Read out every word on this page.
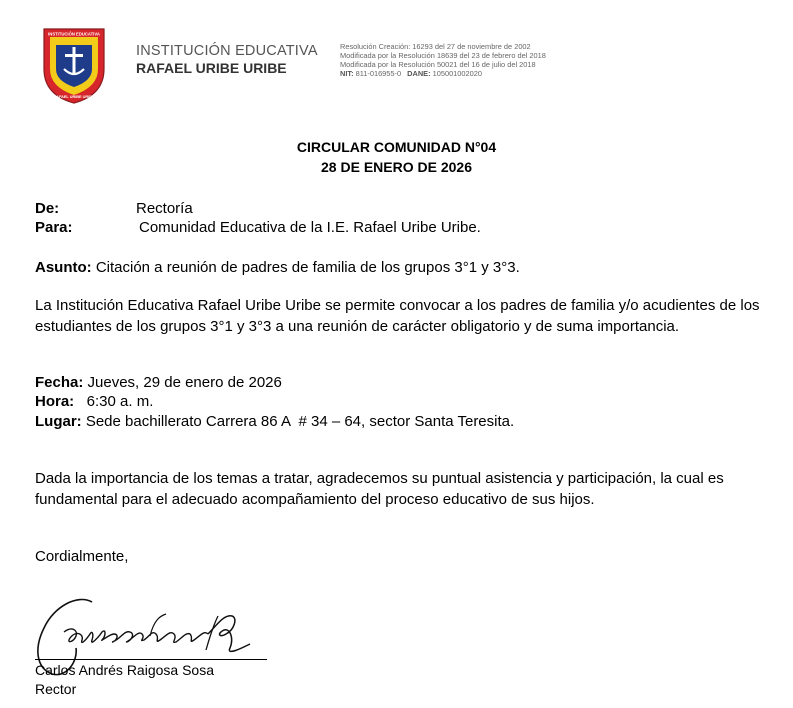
INSTITUCIÓN EDUCATIVA
RAFAEL URIBE URIBE
INSTITUCIÓN EDUCATIVA
RAFAEL URIBE URIBE
Resolución Creación: 16293 del 27 de noviembre de 2002
Modificada por la Resolución 18639 del 23 de febrero del 2018
Modificada por la Resolución 50021 del 16 de julio del 2018
NIT: 811-016955-0 DANE: 105001002020
CIRCULAR COMUNIDAD N°04
28 DE ENERO DE 2026
De:	Rectoría
Para:	Comunidad Educativa de la I.E. Rafael Uribe Uribe.
Asunto: Citación a reunión de padres de familia de los grupos 3°1 y 3°3.
La Institución Educativa Rafael Uribe Uribe se permite convocar a los padres de familia y/o acudientes de los estudiantes de los grupos 3°1 y 3°3 a una reunión de carácter obligatorio y de suma importancia.
Fecha: Jueves, 29 de enero de 2026
Hora:   6:30 a. m.
Lugar: Sede bachillerato Carrera 86 A  # 34 – 64, sector Santa Teresita.
Dada la importancia de los temas a tratar, agradecemos su puntual asistencia y participación, la cual es fundamental para el adecuado acompañamiento del proceso educativo de sus hijos.
Cordialmente,
Carlos Andrés Raigosa Sosa
Rector
